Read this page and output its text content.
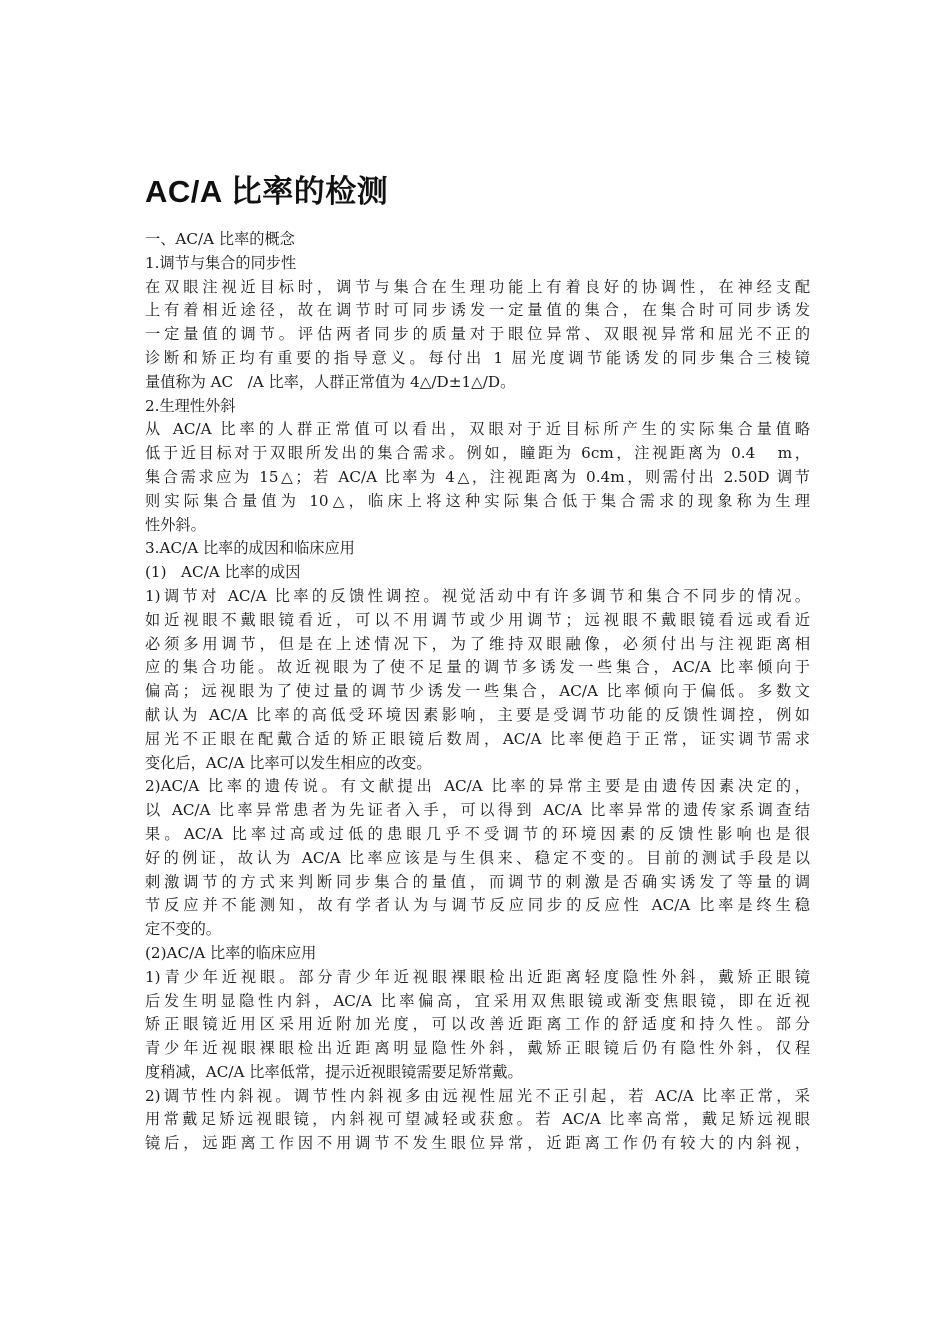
AC/A 比率的检测

一、AC/A 比率的概念

1.调节与集合的同步性

在双眼注视近目标时，调节与集合在生理功能上有着良好的协调性，在神经支配

上有着相近途径，故在调节时可同步诱发一定量值的集合，在集合时可同步诱发

一定量值的调节。评估两者同步的质量对于眼位异常、双眼视异常和屈光不正的

诊断和矫正均有重要的指导意义。每付出 1 屈光度调节能诱发的同步集合三棱镜

量值称为 AC   /A 比率，人群正常值为 4△/D±1△/D。

2.生理性外斜

从 AC/A 比率的人群正常值可以看出，双眼对于近目标所产生的实际集合量值略

低于近目标对于双眼所发出的集合需求。例如，瞳距为 6cm，注视距离为 0.4   m，

集合需求应为 15△；若 AC/A 比率为 4△，注视距离为 0.4m，则需付出 2.50D 调节

则实际集合量值为 10△，临床上将这种实际集合低于集合需求的现象称为生理

性外斜。

3.AC/A 比率的成因和临床应用

(1)   AC/A 比率的成因

1)调节对 AC/A 比率的反馈性调控。视觉活动中有许多调节和集合不同步的情况。

如近视眼不戴眼镜看近，可以不用调节或少用调节；远视眼不戴眼镜看远或看近

必须多用调节，但是在上述情况下，为了维持双眼融像，必须付出与注视距离相

应的集合功能。故近视眼为了使不足量的调节多诱发一些集合，AC/A 比率倾向于

偏高；远视眼为了使过量的调节少诱发一些集合，AC/A 比率倾向于偏低。多数文

献认为 AC/A 比率的高低受环境因素影响，主要是受调节功能的反馈性调控，例如

屈光不正眼在配戴合适的矫正眼镜后数周，AC/A 比率便趋于正常，证实调节需求

变化后，AC/A 比率可以发生相应的改变。

2)AC/A 比率的遗传说。有文献提出 AC/A 比率的异常主要是由遗传因素决定的，

以 AC/A 比率异常患者为先证者入手，可以得到 AC/A 比率异常的遗传家系调查结

果。AC/A 比率过高或过低的患眼几乎不受调节的环境因素的反馈性影响也是很

好的例证，故认为 AC/A 比率应该是与生俱来、稳定不变的。目前的测试手段是以

刺激调节的方式来判断同步集合的量值，而调节的刺激是否确实诱发了等量的调

节反应并不能测知，故有学者认为与调节反应同步的反应性 AC/A 比率是终生稳

定不变的。

(2)AC/A 比率的临床应用

1)青少年近视眼。部分青少年近视眼裸眼检出近距离轻度隐性外斜，戴矫正眼镜

后发生明显隐性内斜，AC/A 比率偏高，宜采用双焦眼镜或渐变焦眼镜，即在近视

矫正眼镜近用区采用近附加光度，可以改善近距离工作的舒适度和持久性。部分

青少年近视眼裸眼检出近距离明显隐性外斜，戴矫正眼镜后仍有隐性外斜，仅程

度稍减，AC/A 比率低常，提示近视眼镜需要足矫常戴。

2)调节性内斜视。调节性内斜视多由远视性屈光不正引起，若 AC/A 比率正常，采

用常戴足矫远视眼镜，内斜视可望减轻或获愈。若 AC/A 比率高常，戴足矫远视眼

镜后，远距离工作因不用调节不发生眼位异常，近距离工作仍有较大的内斜视，
